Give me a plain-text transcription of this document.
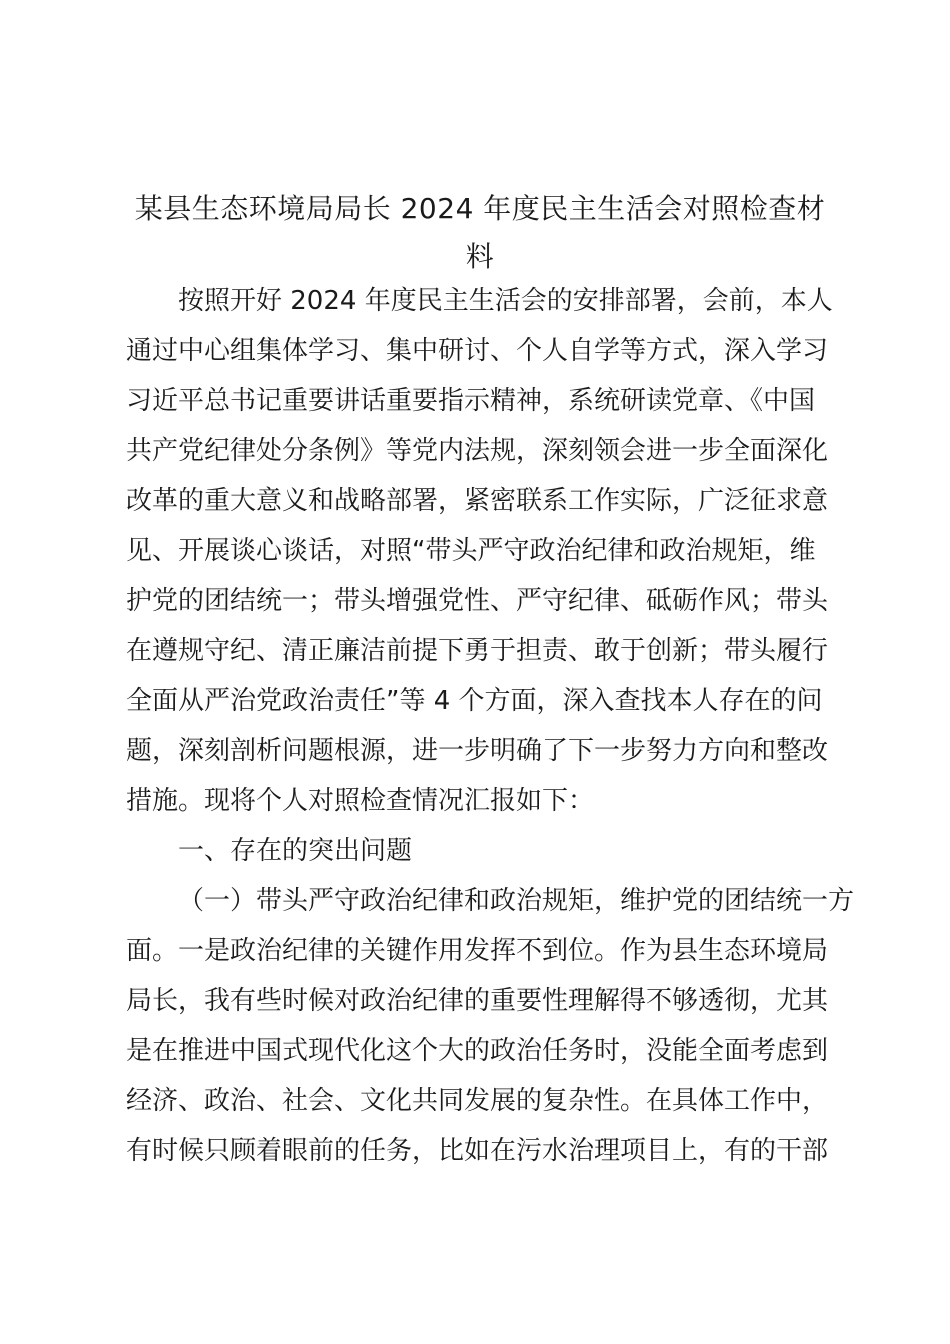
某县生态环境局局长 2024 年度民主生活会对照检查材
料

按照开好 2024 年度民主生活会的安排部署，会前，本人

通过中心组集体学习、集中研讨、个人自学等方式，深入学习

习近平总书记重要讲话重要指示精神，系统研读党章、《中国

共产党纪律处分条例》等党内法规，深刻领会进一步全面深化

改革的重大意义和战略部署，紧密联系工作实际，广泛征求意

见、开展谈心谈话，对照“带头严守政治纪律和政治规矩，维

护党的团结统一；带头增强党性、严守纪律、砥砺作风；带头

在遵规守纪、清正廉洁前提下勇于担责、敢于创新；带头履行

全面从严治党政治责任”等 4 个方面，深入查找本人存在的问

题，深刻剖析问题根源，进一步明确了下一步努力方向和整改

措施。现将个人对照检查情况汇报如下：

一、存在的突出问题

（一）带头严守政治纪律和政治规矩，维护党的团结统一方

面。一是政治纪律的关键作用发挥不到位。作为县生态环境局

局长，我有些时候对政治纪律的重要性理解得不够透彻，尤其

是在推进中国式现代化这个大的政治任务时，没能全面考虑到

经济、政治、社会、文化共同发展的复杂性。在具体工作中，

有时候只顾着眼前的任务，比如在污水治理项目上，有的干部
